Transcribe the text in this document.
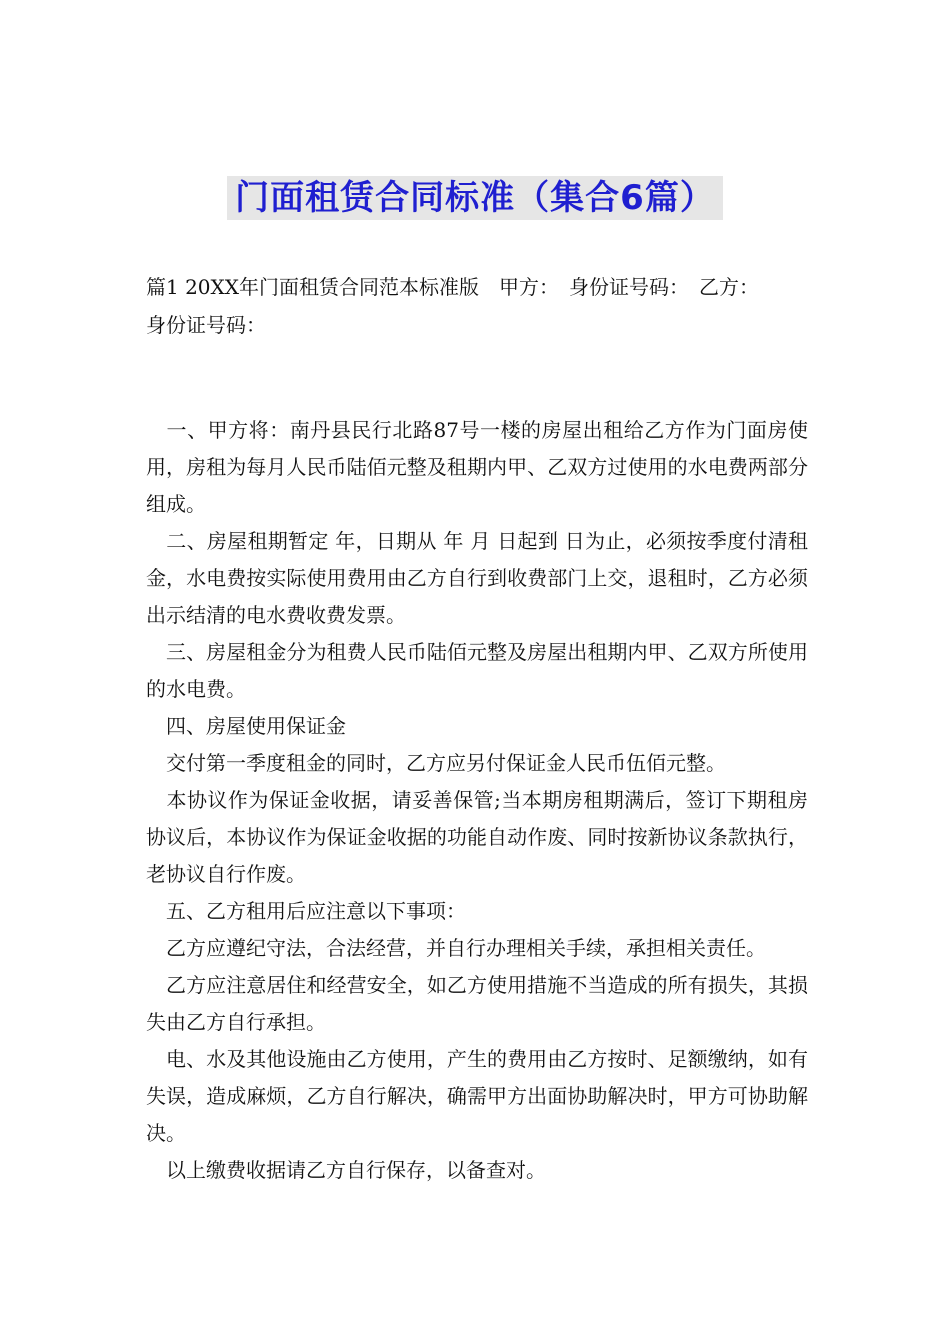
门面租赁合同标准（集合6篇）
篇1 20XX年门面租赁合同范本标准版　甲方：　身份证号码：　乙方：
身份证号码：

　一、甲方将：南丹县民行北路87号一楼的房屋出租给乙方作为门面房使用，房租为每月人民币陆佰元整及租期内甲、乙双方过使用的水电费两部分组成。

　二、房屋租期暂定 年，日期从 年 月 日起到 日为止，必须按季度付清租金，水电费按实际使用费用由乙方自行到收费部门上交，退租时，乙方必须出示结清的电水费收费发票。

　三、房屋租金分为租费人民币陆佰元整及房屋出租期内甲、乙双方所使用的水电费。

　四、房屋使用保证金

　交付第一季度租金的同时，乙方应另付保证金人民币伍佰元整。

　本协议作为保证金收据，请妥善保管;当本期房租期满后，签订下期租房协议后，本协议作为保证金收据的功能自动作废、同时按新协议条款执行，老协议自行作废。

　五、乙方租用后应注意以下事项：

　乙方应遵纪守法，合法经营，并自行办理相关手续，承担相关责任。

　乙方应注意居住和经营安全，如乙方使用措施不当造成的所有损失，其损失由乙方自行承担。

　电、水及其他设施由乙方使用，产生的费用由乙方按时、足额缴纳，如有失误，造成麻烦，乙方自行解决，确需甲方出面协助解决时，甲方可协助解决。

　以上缴费收据请乙方自行保存，以备查对。
